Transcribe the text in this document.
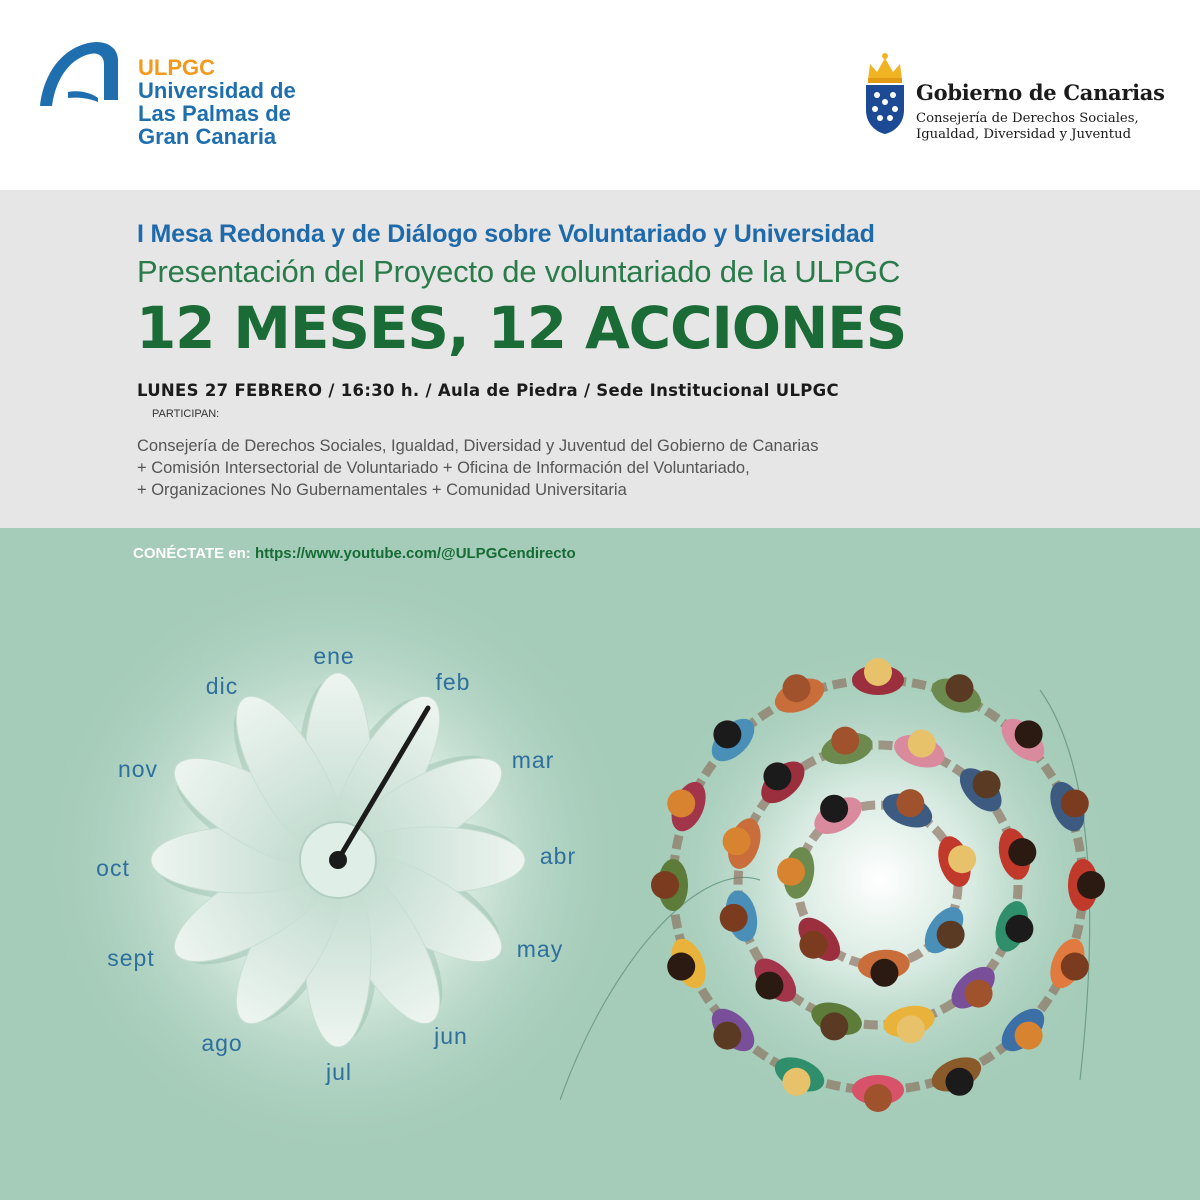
ULPGC
Universidad de
Las Palmas de
Gran Canaria
Gobierno de Canarias
Consejería de Derechos Sociales,
Igualdad, Diversidad y Juventud
I Mesa Redonda y de Diálogo sobre Voluntariado y Universidad
Presentación del Proyecto de voluntariado de la ULPGC
12 MESES, 12 ACCIONES
LUNES 27 FEBRERO / 16:30 h. / Aula de Piedra / Sede Institucional ULPGC
PARTICIPAN:
Consejería de Derechos Sociales, Igualdad, Diversidad y Juventud del Gobierno de Canarias
+ Comisión Intersectorial de Voluntariado + Oficina de Información del Voluntariado,
+ Organizaciones No Gubernamentales + Comunidad Universitaria
CONÉCTATE en: https://www.youtube.com/@ULPGCendirecto
ene
feb
mar
abr
may
jun
jul
ago
sept
oct
nov
dic
